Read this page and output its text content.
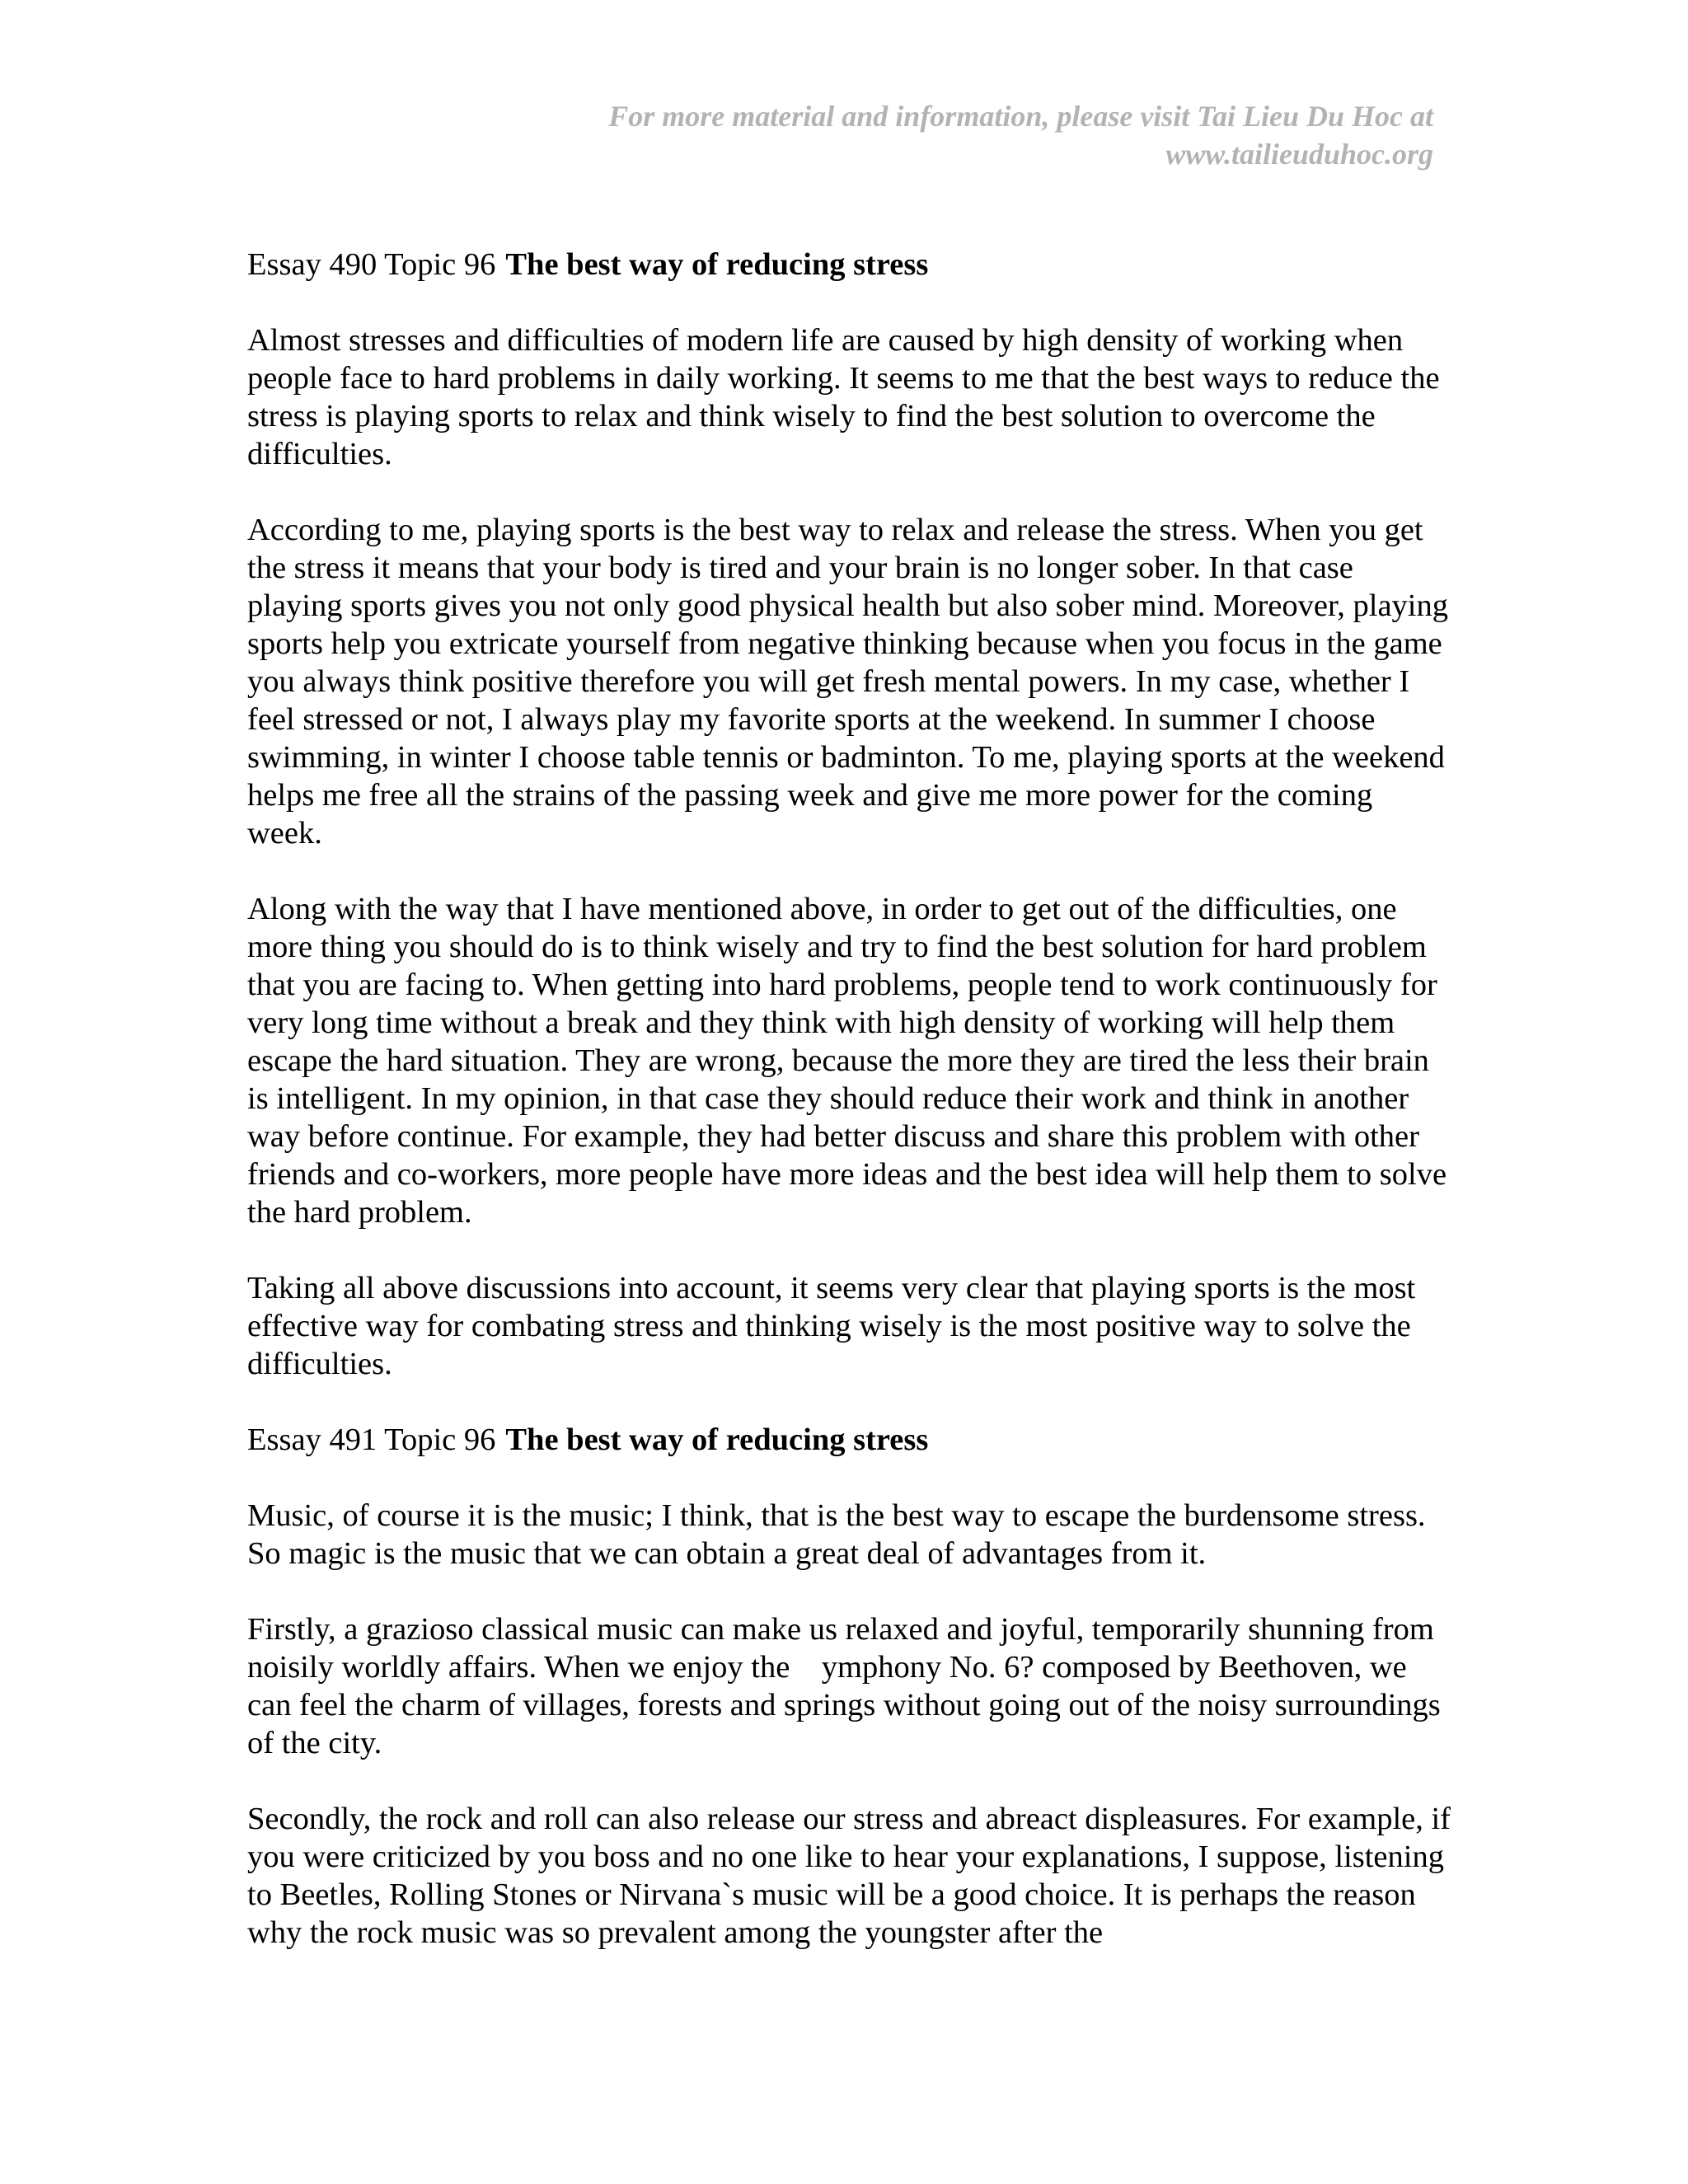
For more material and information, please visit Tai Lieu Du Hoc at
www.tailieuduhoc.org
Essay 490 Topic 96 The best way of reducing stress

Almost stresses and difficulties of modern life are caused by high density of working when people face to hard problems in daily working. It seems to me that the best ways to reduce the stress is playing sports to relax and think wisely to find the best solution to overcome the difficulties.

According to me, playing sports is the best way to relax and release the stress. When you get the stress it means that your body is tired and your brain is no longer sober. In that case playing sports gives you not only good physical health but also sober mind. Moreover, playing sports help you extricate yourself from negative thinking because when you focus in the game you always think positive therefore you will get fresh mental powers. In my case, whether I feel stressed or not, I always play my favorite sports at the weekend. In summer I choose swimming, in winter I choose table tennis or badminton. To me, playing sports at the weekend helps me free all the strains of the passing week and give me more power for the coming week.

Along with the way that I have mentioned above, in order to get out of the difficulties, one more thing you should do is to think wisely and try to find the best solution for hard problem that you are facing to. When getting into hard problems, people tend to work continuously for very long time without a break and they think with high density of working will help them escape the hard situation. They are wrong, because the more they are tired the less their brain is intelligent. In my opinion, in that case they should reduce their work and think in another way before continue. For example, they had better discuss and share this problem with other friends and co-workers, more people have more ideas and the best idea will help them to solve the hard problem.

Taking all above discussions into account, it seems very clear that playing sports is the most effective way for combating stress and thinking wisely is the most positive way to solve the difficulties.

Essay 491 Topic 96 The best way of reducing stress

Music, of course it is the music; I think, that is the best way to escape the burdensome stress. So magic is the music that we can obtain a great deal of advantages from it.

Firstly, a grazioso classical music can make us relaxed and joyful, temporarily shunning from noisily worldly affairs. When we enjoy the    ymphony No. 6? composed by Beethoven, we can feel the charm of villages, forests and springs without going out of the noisy surroundings of the city.

Secondly, the rock and roll can also release our stress and abreact displeasures. For example, if you were criticized by you boss and no one like to hear your explanations, I suppose, listening to Beetles, Rolling Stones or Nirvana`s music will be a good choice. It is perhaps the reason why the rock music was so prevalent among the youngster after the
